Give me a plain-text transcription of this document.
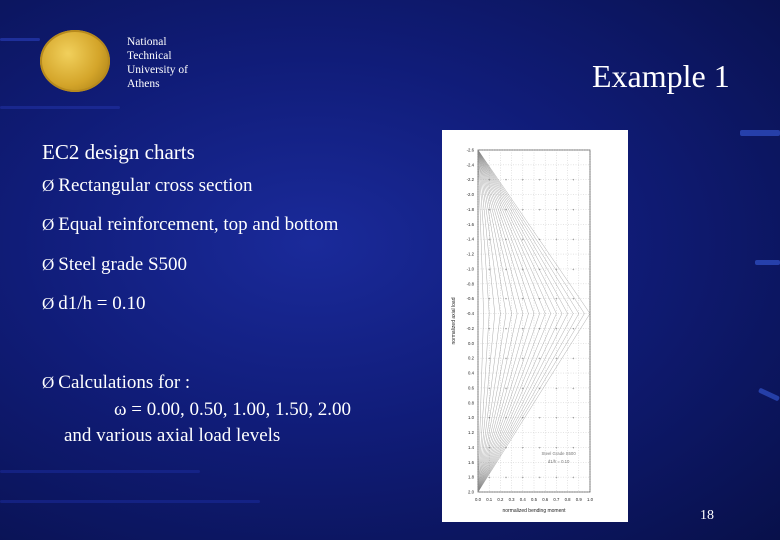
National
Technical
University of
Athens	Example 1
EC2 design charts
Ø Rectangular cross section
Ø Equal reinforcement, top and bottom
Ø Steel grade S500
Ø d1/h = 0.10
Ø Calculations for :
ω = 0.00, 0.50, 1.00, 1.50, 2.00
and various axial load levels
0.0 0.1 0.2 0.3 0.4 0.5 0.6 0.7 0.8 0.9 1.0
-2.6
-2.4
-2.2
-2.0
-1.8
-1.6
-1.4
-1.2
-1.0
-0.8
-0.6
-0.4
-0.2
0.0
0.2
0.4
0.6
0.8
1.0
1.2
1.4
1.6
1.8
2.0
+
+
+
+
+
+
+
+
+
+
+
+
+
+
+
+
+
+
+
+
+
+
+
+
+
+
+
+
+
+
+
+
+
+
+
+
+
+
+
+
+
+
+
+
+
+
+
+
+
+
+
+
+
+
+
+
+
+
+
+
+
+
+
+
+
+
normalized bending moment
normalized axial load
Steel Grade S500
d1/h = 0.10
18
